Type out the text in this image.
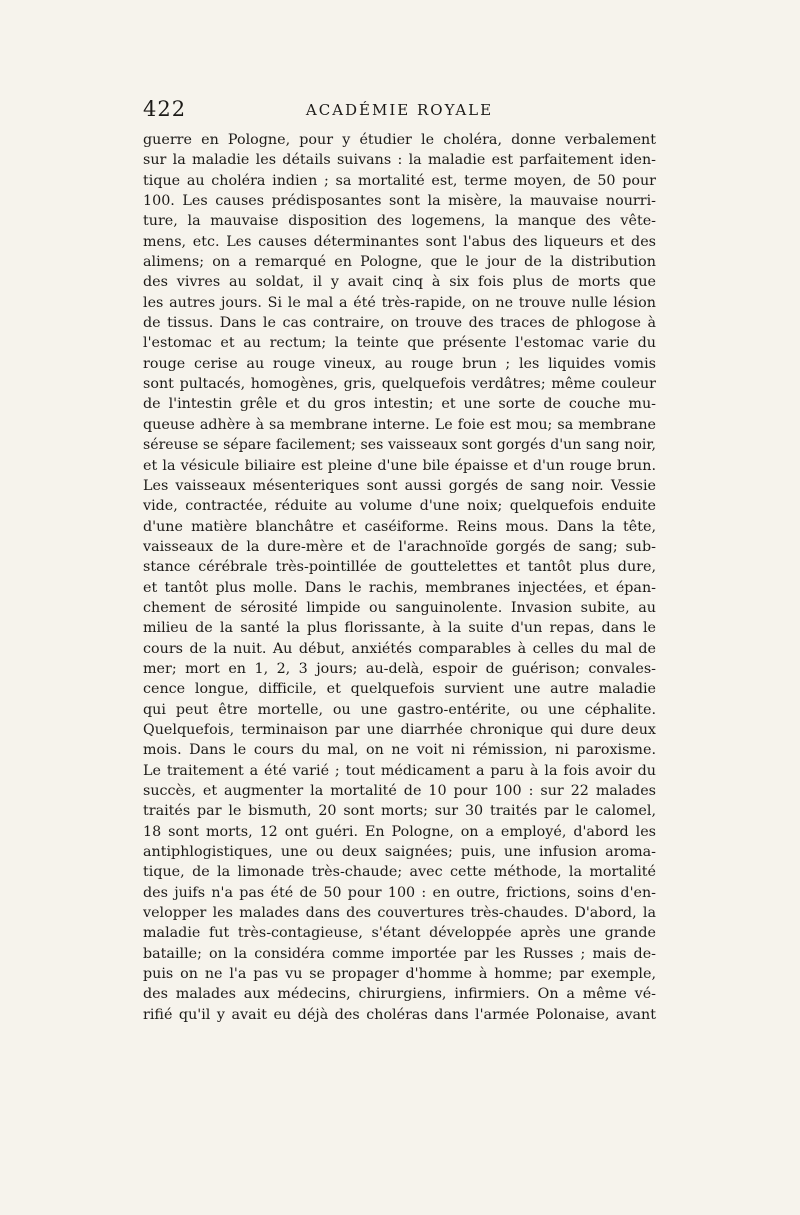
422	ACADÉMIE ROYALE
guerre en Pologne, pour y étudier le choléra, donne verbalement
sur la maladie les détails suivans : la maladie est parfaitement iden-
tique au choléra indien ; sa mortalité est, terme moyen, de 50 pour
100. Les causes prédisposantes sont la misère, la mauvaise nourri-
ture, la mauvaise disposition des logemens, la manque des vête-
mens, etc. Les causes déterminantes sont l'abus des liqueurs et des
alimens; on a remarqué en Pologne, que le jour de la distribution
des vivres au soldat, il y avait cinq à six fois plus de morts que
les autres jours. Si le mal a été très-rapide, on ne trouve nulle lésion
de tissus. Dans le cas contraire, on trouve des traces de phlogose à
l'estomac et au rectum; la teinte que présente l'estomac varie du
rouge cerise au rouge vineux, au rouge brun ; les liquides vomis
sont pultacés, homogènes, gris, quelquefois verdâtres; même couleur
de l'intestin grêle et du gros intestin; et une sorte de couche mu-
queuse adhère à sa membrane interne. Le foie est mou; sa membrane
séreuse se sépare facilement; ses vaisseaux sont gorgés d'un sang noir,
et la vésicule biliaire est pleine d'une bile épaisse et d'un rouge brun.
Les vaisseaux mésenteriques sont aussi gorgés de sang noir. Vessie
vide, contractée, réduite au volume d'une noix; quelquefois enduite
d'une matière blanchâtre et caséiforme. Reins mous. Dans la tête,
vaisseaux de la dure-mère et de l'arachnoïde gorgés de sang; sub-
stance cérébrale très-pointillée de gouttelettes et tantôt plus dure,
et tantôt plus molle. Dans le rachis, membranes injectées, et épan-
chement de sérosité limpide ou sanguinolente. Invasion subite, au
milieu de la santé la plus florissante, à la suite d'un repas, dans le
cours de la nuit. Au début, anxiétés comparables à celles du mal de
mer; mort en 1, 2, 3 jours; au-delà, espoir de guérison; convales-
cence longue, difficile, et quelquefois survient une autre maladie
qui peut être mortelle, ou une gastro-entérite, ou une céphalite.
Quelquefois, terminaison par une diarrhée chronique qui dure deux
mois. Dans le cours du mal, on ne voit ni rémission, ni paroxisme.
Le traitement a été varié ; tout médicament a paru à la fois avoir du
succès, et augmenter la mortalité de 10 pour 100 : sur 22 malades
traités par le bismuth, 20 sont morts; sur 30 traités par le calomel,
18 sont morts, 12 ont guéri. En Pologne, on a employé, d'abord les
antiphlogistiques, une ou deux saignées; puis, une infusion aroma-
tique, de la limonade très-chaude; avec cette méthode, la mortalité
des juifs n'a pas été de 50 pour 100 : en outre, frictions, soins d'en-
velopper les malades dans des couvertures très-chaudes. D'abord, la
maladie fut très-contagieuse, s'étant développée après une grande
bataille; on la considéra comme importée par les Russes ; mais de-
puis on ne l'a pas vu se propager d'homme à homme; par exemple,
des malades aux médecins, chirurgiens, infirmiers. On a même vé-
rifié qu'il y avait eu déjà des choléras dans l'armée Polonaise, avant
